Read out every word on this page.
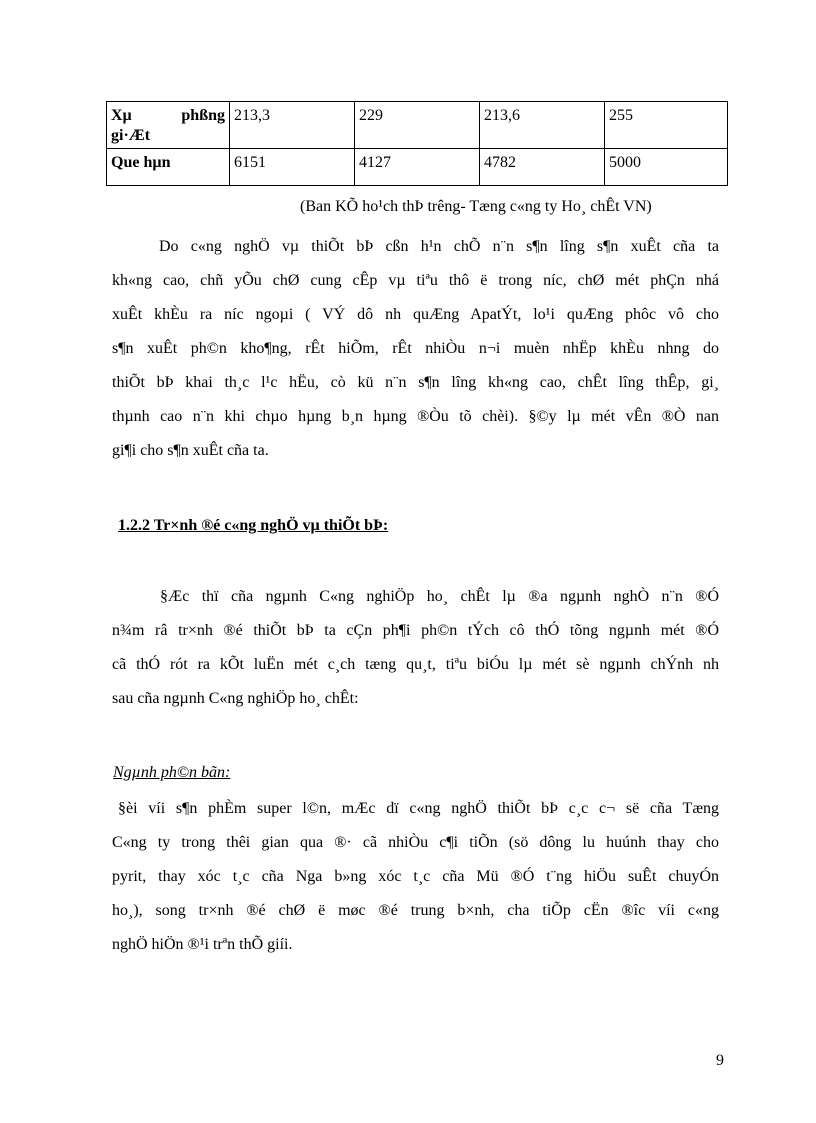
Xµ phßng
gi·Æt	213,3	229	213,6	255
Que hµn	6151	4127	4782	5000
(Ban KÕ ho¹ch thÞ trêng- Tæng c«ng ty Ho¸ chÊt VN)
Do c«ng nghÖ vµ thiÕt bÞ cßn h¹n chÕ n¨n s¶n lîng s¶n xuÊt cña ta
kh«ng cao, chñ yÕu chØ cung cÊp vµ tiªu thô ë trong níc, chØ mét phÇn nhá
xuÊt khÈu ra níc ngoµi ( VÝ dô nh quÆng ApatÝt, lo¹i quÆng phôc vô cho
s¶n xuÊt ph©n kho¶ng, rÊt hiÕm, rÊt nhiÒu n¬i muèn nhËp khÈu nhng do
thiÕt bÞ khai th¸c l¹c hËu, cò kü n¨n s¶n lîng kh«ng cao, chÊt lîng thÊp, gi¸
thµnh cao n¨n khi chµo hµng b¸n hµng ®Òu tõ chèi). §©y lµ mét vÊn ®Ò nan
gi¶i cho s¶n xuÊt cña ta.
1.2.2 Tr×nh ®é c«ng nghÖ vµ thiÕt bÞ:
§Æc thï cña ngµnh C«ng nghiÖp ho¸ chÊt lµ ®a ngµnh nghÒ n¨n ®Ó
n¾m râ tr×nh ®é thiÕt bÞ ta cÇn ph¶i ph©n tÝch cô thÓ tõng ngµnh mét ®Ó
cã thÓ rót ra kÕt luËn mét c¸ch tæng qu¸t, tiªu biÓu lµ mét sè ngµnh chÝnh nh
sau cña ngµnh C«ng nghiÖp ho¸ chÊt:
Ngµnh ph©n bãn:
§èi víi s¶n phÈm super l©n, mÆc dï c«ng nghÖ thiÕt bÞ c¸c c¬ së cña Tæng
C«ng ty trong thêi gian qua ®· cã nhiÒu c¶i tiÕn (sö dông lu huúnh thay cho
pyrit, thay xóc t¸c cña Nga b»ng xóc t¸c cña Mü ®Ó t¨ng hiÖu suÊt chuyÓn
ho¸), song tr×nh ®é chØ ë møc ®é trung b×nh, cha tiÕp cËn ®îc víi c«ng
nghÖ hiÖn ®¹i trªn thÕ giíi.
9
